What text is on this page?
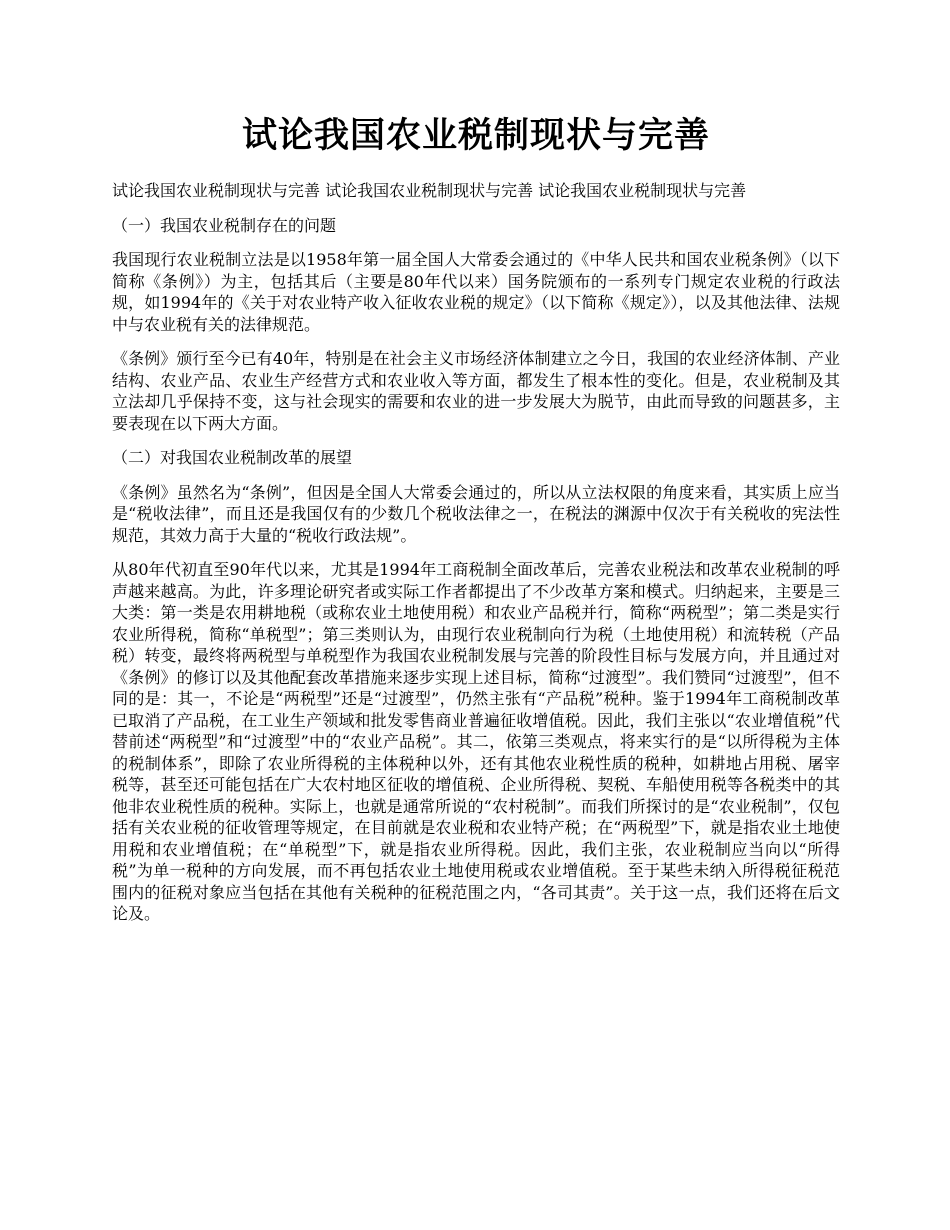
试论我国农业税制现状与完善

试论我国农业税制现状与完善 试论我国农业税制现状与完善 试论我国农业税制现状与完善

（一）我国农业税制存在的问题

我国现行农业税制立法是以1958年第一届全国人大常委会通过的《中华人民共和国农业税条例》（以下简称《条例》）为主，包括其后（主要是80年代以来）国务院颁布的一系列专门规定农业税的行政法规，如1994年的《关于对农业特产收入征收农业税的规定》（以下简称《规定》），以及其他法律、法规中与农业税有关的法律规范。

《条例》颁行至今已有40年，特别是在社会主义市场经济体制建立之今日，我国的农业经济体制、产业结构、农业产品、农业生产经营方式和农业收入等方面，都发生了根本性的变化。但是，农业税制及其立法却几乎保持不变，这与社会现实的需要和农业的进一步发展大为脱节，由此而导致的问题甚多，主要表现在以下两大方面。

（二）对我国农业税制改革的展望

《条例》虽然名为“条例”，但因是全国人大常委会通过的，所以从立法权限的角度来看，其实质上应当是“税收法律”，而且还是我国仅有的少数几个税收法律之一，在税法的渊源中仅次于有关税收的宪法性规范，其效力高于大量的“税收行政法规”。

从80年代初直至90年代以来，尤其是1994年工商税制全面改革后，完善农业税法和改革农业税制的呼声越来越高。为此，许多理论研究者或实际工作者都提出了不少改革方案和模式。归纳起来，主要是三大类：第一类是农用耕地税（或称农业土地使用税）和农业产品税并行，简称“两税型”；第二类是实行农业所得税，简称“单税型”；第三类则认为，由现行农业税制向行为税（土地使用税）和流转税（产品税）转变，最终将两税型与单税型作为我国农业税制发展与完善的阶段性目标与发展方向，并且通过对《条例》的修订以及其他配套改革措施来逐步实现上述目标，简称“过渡型”。我们赞同“过渡型”，但不同的是：其一，不论是“两税型”还是“过渡型”，仍然主张有“产品税”税种。鉴于1994年工商税制改革已取消了产品税，在工业生产领域和批发零售商业普遍征收增值税。因此，我们主张以“农业增值税”代替前述“两税型”和“过渡型”中的“农业产品税”。其二，依第三类观点，将来实行的是“以所得税为主体的税制体系”，即除了农业所得税的主体税种以外，还有其他农业税性质的税种，如耕地占用税、屠宰税等，甚至还可能包括在广大农村地区征收的增值税、企业所得税、契税、车船使用税等各税类中的其他非农业税性质的税种。实际上，也就是通常所说的“农村税制”。而我们所探讨的是“农业税制”，仅包括有关农业税的征收管理等规定，在目前就是农业税和农业特产税；在“两税型”下，就是指农业土地使用税和农业增值税；在“单税型”下，就是指农业所得税。因此，我们主张，农业税制应当向以“所得税”为单一税种的方向发展，而不再包括农业土地使用税或农业增值税。至于某些未纳入所得税征税范围内的征税对象应当包括在其他有关税种的征税范围之内，“各司其责”。关于这一点，我们还将在后文论及。
